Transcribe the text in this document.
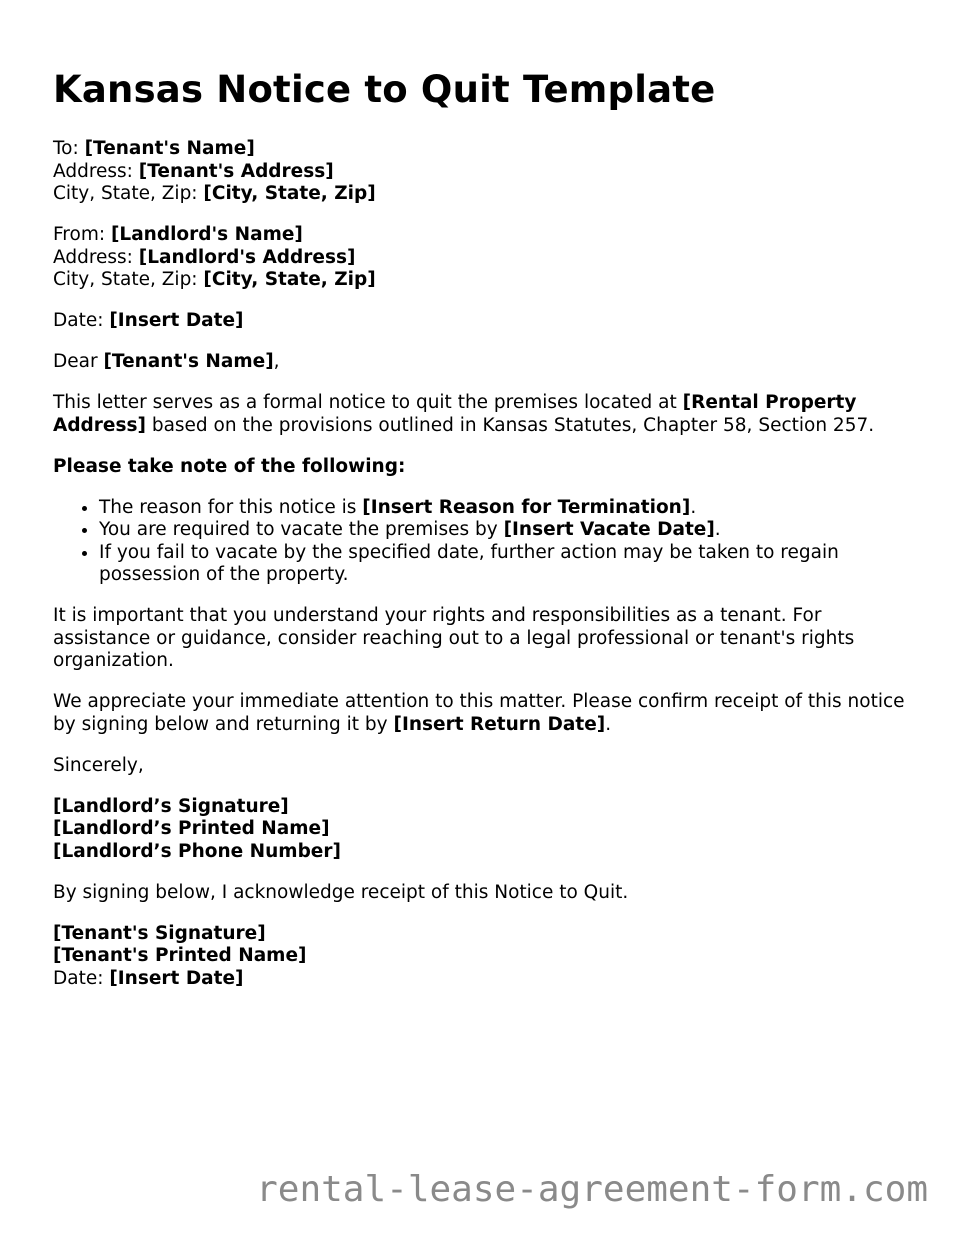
Kansas Notice to Quit Template
To: [Tenant's Name]
Address: [Tenant's Address]
City, State, Zip: [City, State, Zip]
From: [Landlord's Name]
Address: [Landlord's Address]
City, State, Zip: [City, State, Zip]
Date: [Insert Date]
Dear [Tenant's Name],
This letter serves as a formal notice to quit the premises located at [Rental Property Address] based on the provisions outlined in Kansas Statutes, Chapter 58, Section 257.
Please take note of the following:
• The reason for this notice is [Insert Reason for Termination].
• You are required to vacate the premises by [Insert Vacate Date].
• If you fail to vacate by the specified date, further action may be taken to regain possession of the property.
It is important that you understand your rights and responsibilities as a tenant. For assistance or guidance, consider reaching out to a legal professional or tenant's rights organization.
We appreciate your immediate attention to this matter. Please confirm receipt of this notice by signing below and returning it by [Insert Return Date].
Sincerely,
[Landlord’s Signature]
[Landlord’s Printed Name]
[Landlord’s Phone Number]
By signing below, I acknowledge receipt of this Notice to Quit.
[Tenant's Signature]
[Tenant's Printed Name]
Date: [Insert Date]
rental-lease-agreement-form.com
